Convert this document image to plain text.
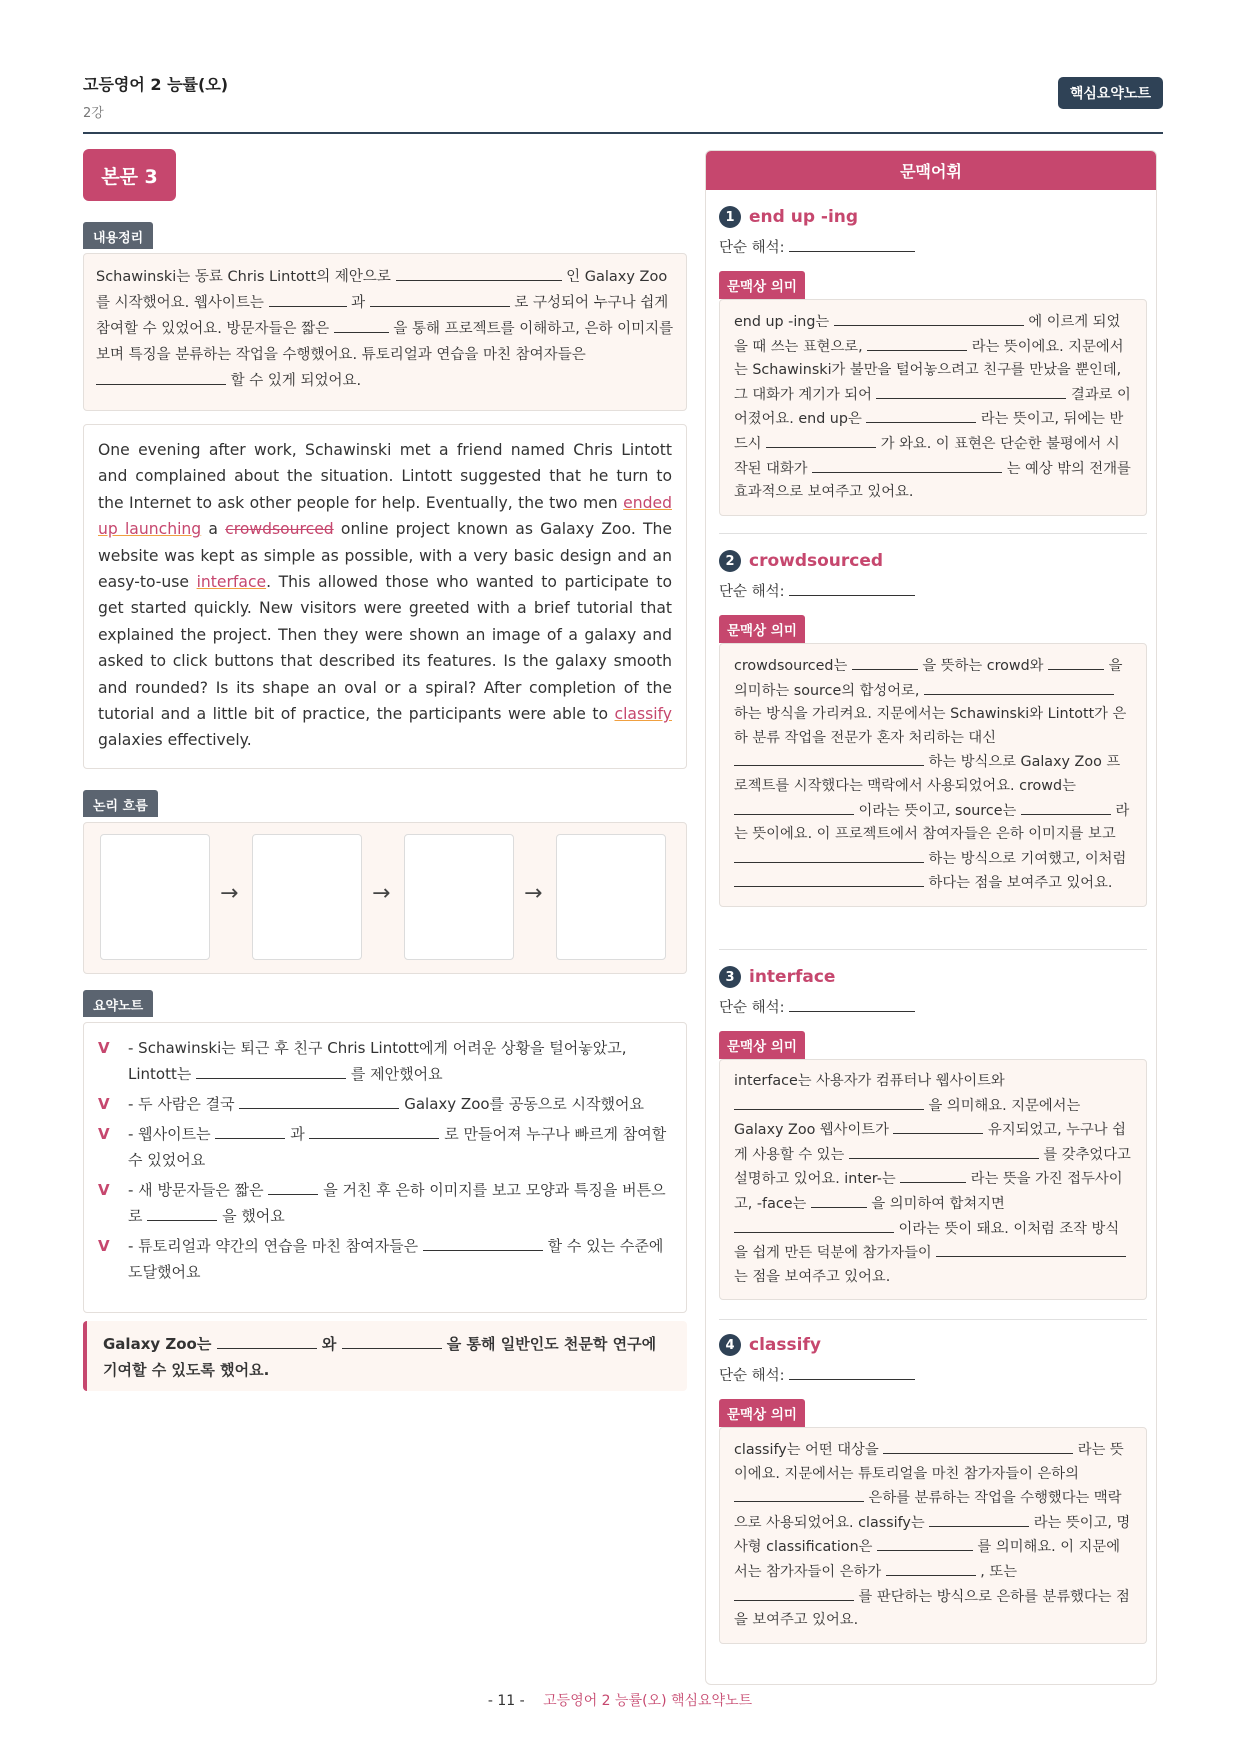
고등영어 2 능률(오)
2강
핵심요약노트
본문 3
내용정리
Schawinski는 동료 Chris Lintott의 제안으로	인 Galaxy Zoo를 시작했어요. 웹사이트는	과	로 구성되어 누구나 쉽게 참여할 수 있었어요. 방문자들은 짧은	을 통해 프로젝트를 이해하고, 은하 이미지를 보며 특징을 분류하는 작업을 수행했어요. 튜토리얼과 연습을 마친 참여자들은  할 수 있게 되었어요.
One evening after work, Schawinski met a friend named Chris Lintott and complained about the situation. Lintott suggested that he turn to the Internet to ask other people for help. Eventually, the two men ended up launching a crowdsourced online project known as Galaxy Zoo. The website was kept as simple as possible, with a very basic design and an easy-to-use interface. This allowed those who wanted to participate to get started quickly. New visitors were greeted with a brief tutorial that explained the project. Then they were shown an image of a galaxy and asked to click buttons that described its features. Is the galaxy smooth and rounded? Is its shape an oval or a spiral? After completion of the tutorial and a little bit of practice, the participants were able to classify galaxies effectively.
논리 흐름
→	→	→
요약노트
V - Schawinski는 퇴근 후 친구 Chris Lintott에게 어려운 상황을 털어놓았고, Lintott는	를 제안했어요
V - 두 사람은 결국	Galaxy Zoo를 공동으로 시작했어요
V - 웹사이트는	과	로 만들어져 누구나 빠르게 참여할 수 있었어요
V - 새 방문자들은 짧은	을 거친 후 은하 이미지를 보고 모양과 특징을 버튼으로	을 했어요
V - 튜토리얼과 약간의 연습을 마친 참여자들은	할 수 있는 수준에 도달했어요
Galaxy Zoo는	와	을 통해 일반인도 천문학 연구에 기여할 수 있도록 했어요.
문맥어휘
1 end up -ing
단순 해석:
문맥상 의미
end up -ing는	에 이르게 되었을 때 쓰는 표현으로,	라는 뜻이에요. 지문에서는 Schawinski가 불만을 털어놓으려고 친구를 만났을 뿐인데, 그 대화가 계기가 되어	결과로 이어졌어요. end up은	라는 뜻이고, 뒤에는 반드시	가 와요. 이 표현은 단순한 불평에서 시작된 대화가	는 예상 밖의 전개를 효과적으로 보여주고 있어요.
2 crowdsourced
단순 해석:
문맥상 의미
crowdsourced는	을 뜻하는 crowd와	을 의미하는 source의 합성어로,  하는 방식을 가리켜요. 지문에서는 Schawinski와 Lintott가 은하 분류 작업을 전문가 혼자 처리하는 대신  하는 방식으로 Galaxy Zoo 프로젝트를 시작했다는 맥락에서 사용되었어요. crowd는  이라는 뜻이고, source는	라는 뜻이에요. 이 프로젝트에서 참여자들은 은하 이미지를 보고  하는 방식으로 기여했고, 이처럼  하다는 점을 보여주고 있어요.
3 interface
단순 해석:
문맥상 의미
interface는 사용자가 컴퓨터나 웹사이트와  을 의미해요. 지문에서는 Galaxy Zoo 웹사이트가	유지되었고, 누구나 쉽게 사용할 수 있는	를 갖추었다고 설명하고 있어요. inter-는	라는 뜻을 가진 접두사이고, -face는	을 의미하여 합쳐지면  이라는 뜻이 돼요. 이처럼 조작 방식을 쉽게 만든 덕분에 참가자들이  는 점을 보여주고 있어요.
4 classify
단순 해석:
문맥상 의미
classify는 어떤 대상을	라는 뜻이에요. 지문에서는 튜토리얼을 마친 참가자들이 은하의  은하를 분류하는 작업을 수행했다는 맥락으로 사용되었어요. classify는	라는 뜻이고, 명사형 classification은	를 의미해요. 이 지문에서는 참가자들이 은하가	, 또는  를 판단하는 방식으로 은하를 분류했다는 점을 보여주고 있어요.
- 11 - 고등영어 2 능률(오) 핵심요약노트
